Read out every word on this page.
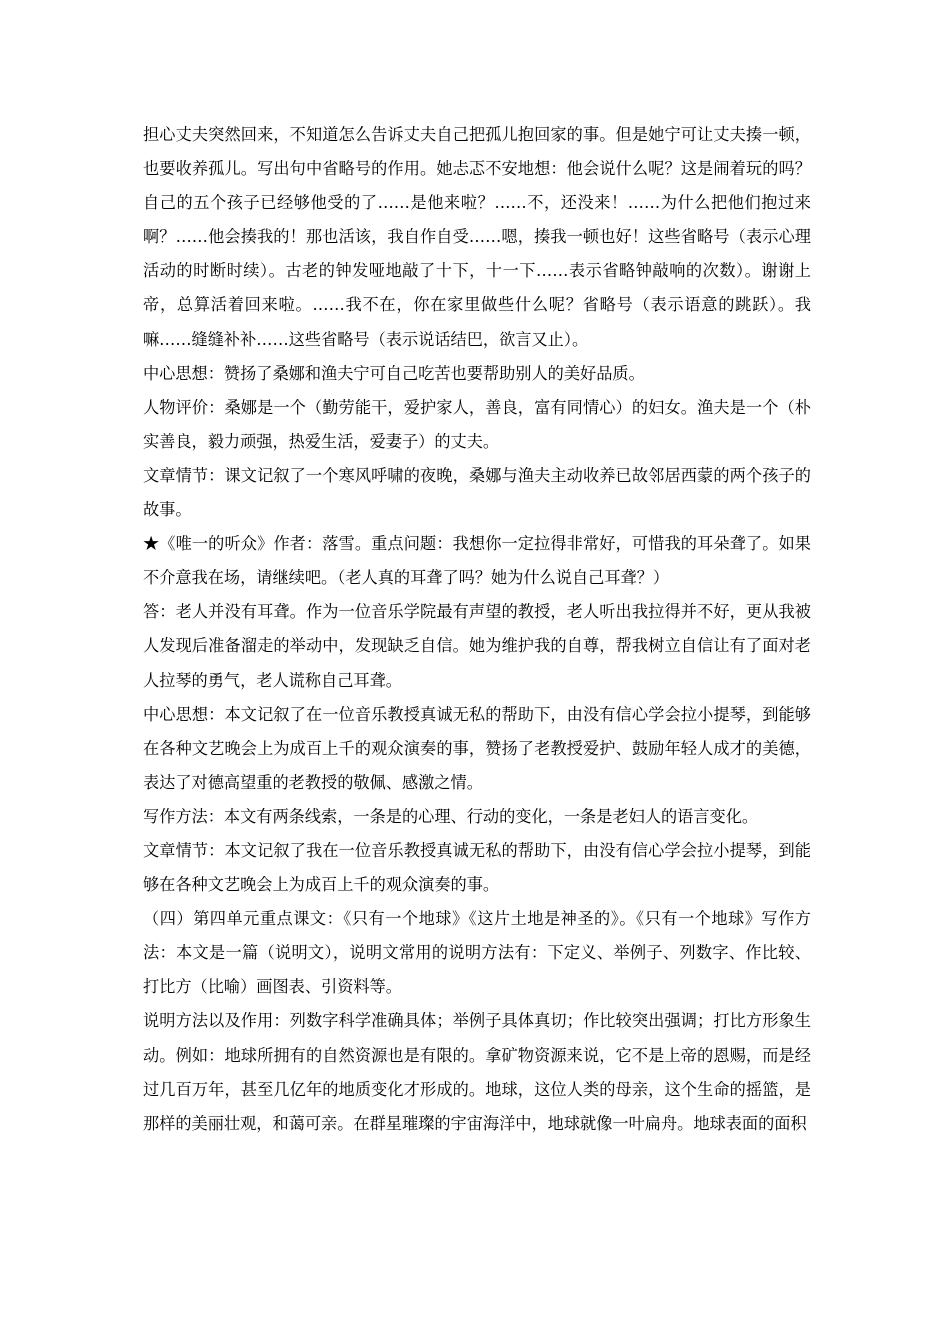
担心丈夫突然回来，不知道怎么告诉丈夫自己把孤儿抱回家的事。但是她宁可让丈夫揍一顿，也要收养孤儿。写出句中省略号的作用。她忐忑不安地想：他会说什么呢？这是闹着玩的吗？自己的五个孩子已经够他受的了……是他来啦？……不，还没来！……为什么把他们抱过来啊？……他会揍我的！那也活该，我自作自受……嗯，揍我一顿也好！这些省略号（表示心理活动的时断时续）。古老的钟发哑地敲了十下，十一下……表示省略钟敲响的次数）。谢谢上帝，总算活着回来啦。……我不在，你在家里做些什么呢？省略号（表示语意的跳跃）。我嘛……缝缝补补……这些省略号（表示说话结巴，欲言又止）。

中心思想：赞扬了桑娜和渔夫宁可自己吃苦也要帮助别人的美好品质。

人物评价：桑娜是一个（勤劳能干，爱护家人，善良，富有同情心）的妇女。渔夫是一个（朴实善良，毅力顽强，热爱生活，爱妻子）的丈夫。

文章情节：课文记叙了一个寒风呼啸的夜晚，桑娜与渔夫主动收养已故邻居西蒙的两个孩子的故事。

★《唯一的听众》作者：落雪。重点问题：我想你一定拉得非常好，可惜我的耳朵聋了。如果不介意我在场，请继续吧。（老人真的耳聋了吗？她为什么说自己耳聋？）

答：老人并没有耳聋。作为一位音乐学院最有声望的教授，老人听出我拉得并不好，更从我被人发现后准备溜走的举动中，发现缺乏自信。她为维护我的自尊，帮我树立自信让有了面对老人拉琴的勇气，老人谎称自己耳聋。

中心思想：本文记叙了在一位音乐教授真诚无私的帮助下，由没有信心学会拉小提琴，到能够在各种文艺晚会上为成百上千的观众演奏的事，赞扬了老教授爱护、鼓励年轻人成才的美德，表达了对德高望重的老教授的敬佩、感激之情。

写作方法：本文有两条线索，一条是的心理、行动的变化，一条是老妇人的语言变化。

文章情节：本文记叙了我在一位音乐教授真诚无私的帮助下，由没有信心学会拉小提琴，到能够在各种文艺晚会上为成百上千的观众演奏的事。

（四）第四单元重点课文：《只有一个地球》《这片土地是神圣的》。《只有一个地球》写作方法：本文是一篇（说明文），说明文常用的说明方法有：下定义、举例子、列数字、作比较、打比方（比喻）画图表、引资料等。

说明方法以及作用：列数字科学准确具体；举例子具体真切；作比较突出强调；打比方形象生动。例如：地球所拥有的自然资源也是有限的。拿矿物资源来说，它不是上帝的恩赐，而是经过几百万年，甚至几亿年的地质变化才形成的。地球，这位人类的母亲，这个生命的摇篮，是那样的美丽壮观，和蔼可亲。在群星璀璨的宇宙海洋中，地球就像一叶扁舟。地球表面的面积
